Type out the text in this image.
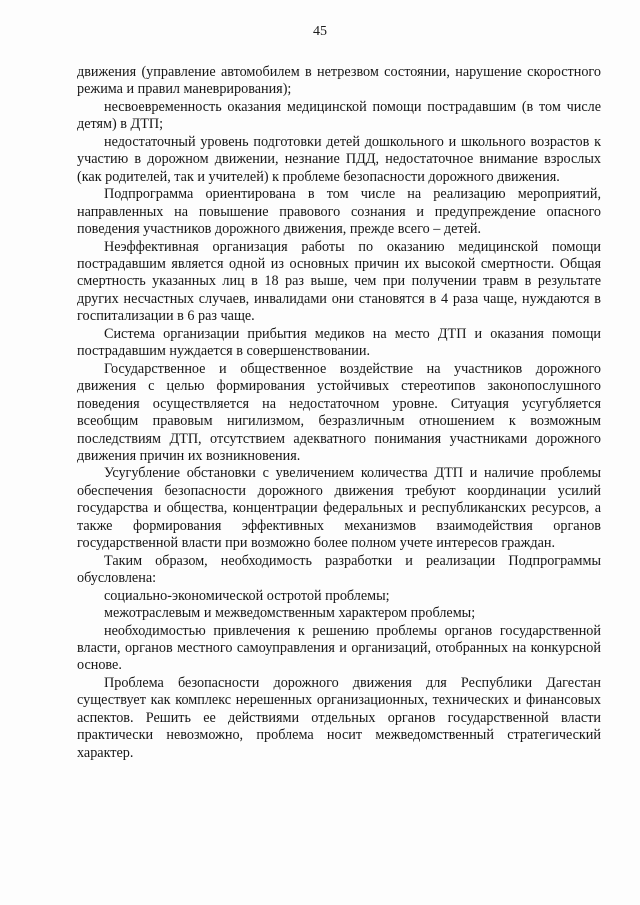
45

движения (управление автомобилем в нетрезвом состоянии, нарушение скоростного режима и правил маневрирования);

несвоевременность оказания медицинской помощи пострадавшим (в том числе детям) в ДТП;

недостаточный уровень подготовки детей дошкольного и школьного возрастов к участию в дорожном движении, незнание ПДД, недостаточное внимание взрослых (как родителей, так и учителей) к проблеме безопасности дорожного движения.

Подпрограмма ориентирована в том числе на реализацию мероприятий, направленных на повышение правового сознания и предупреждение опасного поведения участников дорожного движения, прежде всего – детей.

Неэффективная организация работы по оказанию медицинской помощи пострадавшим является одной из основных причин их высокой смертности. Общая смертность указанных лиц в 18 раз выше, чем при получении травм в результате других несчастных случаев, инвалидами они становятся в 4 раза чаще, нуждаются в госпитализации в 6 раз чаще.

Система организации прибытия медиков на место ДТП и оказания помощи пострадавшим нуждается в совершенствовании.

Государственное и общественное воздействие на участников дорожного движения с целью формирования устойчивых стереотипов законопослушного поведения осуществляется на недостаточном уровне. Ситуация усугубляется всеобщим правовым нигилизмом, безразличным отношением к возможным последствиям ДТП, отсутствием адекватного понимания участниками дорожного движения причин их возникновения.

Усугубление обстановки с увеличением количества ДТП и наличие проблемы обеспечения безопасности дорожного движения требуют координации усилий государства и общества, концентрации федеральных и республиканских ресурсов, а также формирования эффективных механизмов взаимодействия органов государственной власти при возможно более полном учете интересов граждан.

Таким образом, необходимость разработки и реализации Подпрограммы обусловлена:

социально-экономической остротой проблемы;

межотраслевым и межведомственным характером проблемы;

необходимостью привлечения к решению проблемы органов государственной власти, органов местного самоуправления и организаций, отобранных на конкурсной основе.

Проблема безопасности дорожного движения для Республики Дагестан существует как комплекс нерешенных организационных, технических и финансовых аспектов. Решить ее действиями отдельных органов государственной власти практически невозможно, проблема носит межведомственный стратегический характер.
